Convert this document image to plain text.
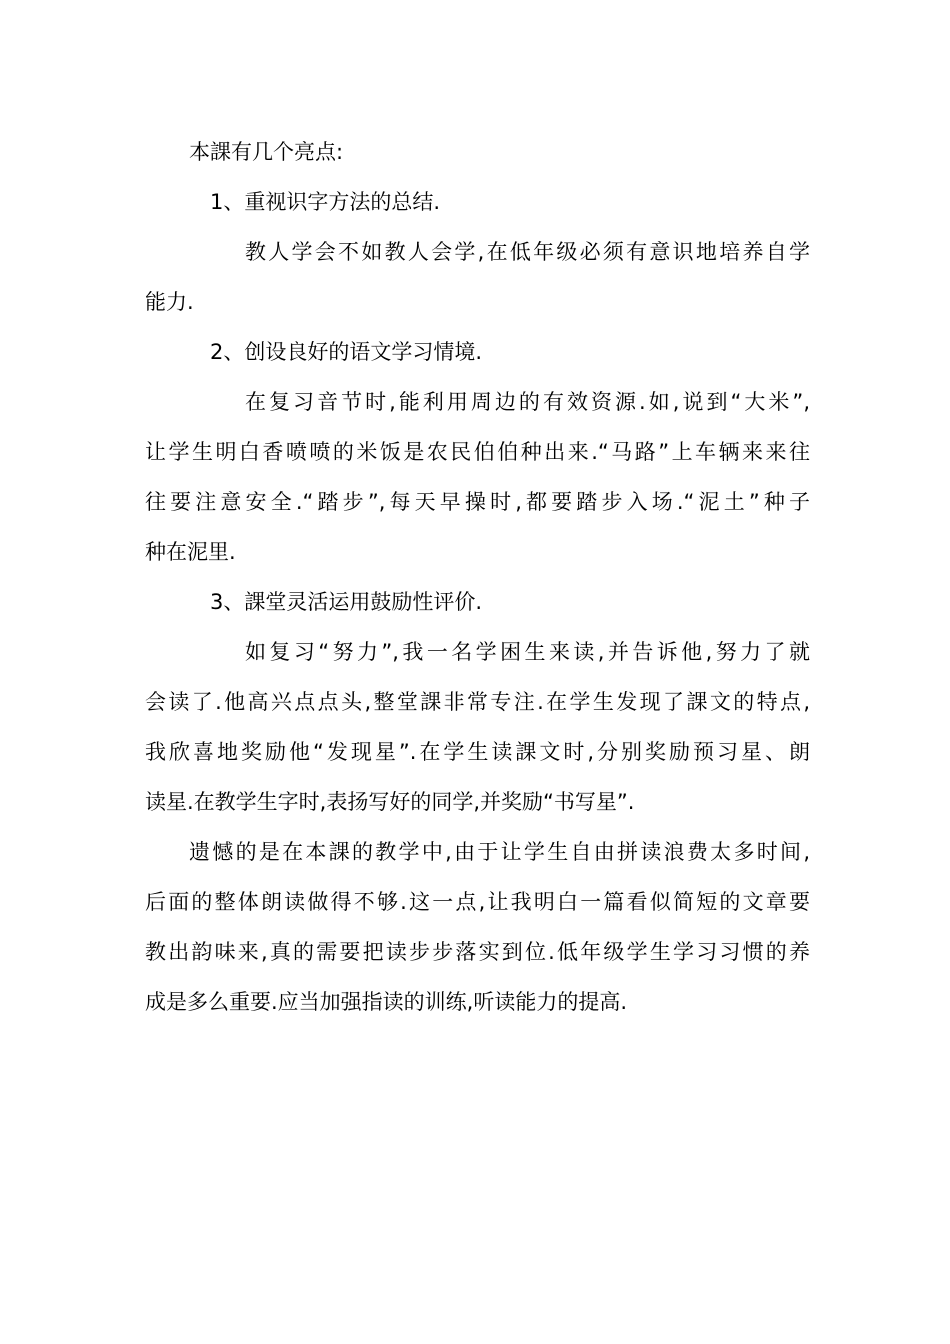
本課有几个亮点:
1、重视识字方法的总结.
教人学会不如教人会学,在低年级必须有意识地培养自学
能力.
2、创设良好的语文学习情境.
在复习音节时,能利用周边的有效资源.如,说到“大米”,
让学生明白香喷喷的米饭是农民伯伯种出来.“马路”上车辆来来往
往要注意安全.“踏步”,每天早操时,都要踏步入场.“泥土”种子
种在泥里.
3、課堂灵活运用鼓励性评价.
如复习“努力”,我一名学困生来读,并告诉他,努力了就
会读了.他高兴点点头,整堂課非常专注.在学生发现了課文的特点,
我欣喜地奖励他“发现星”.在学生读課文时,分别奖励预习星、朗
读星.在教学生字时,表扬写好的同学,并奖励“书写星”.
遗憾的是在本課的教学中,由于让学生自由拼读浪费太多时间,
后面的整体朗读做得不够.这一点,让我明白一篇看似简短的文章要
教出韵味来,真的需要把读步步落实到位.低年级学生学习习惯的养
成是多么重要.应当加强指读的训练,听读能力的提高.
